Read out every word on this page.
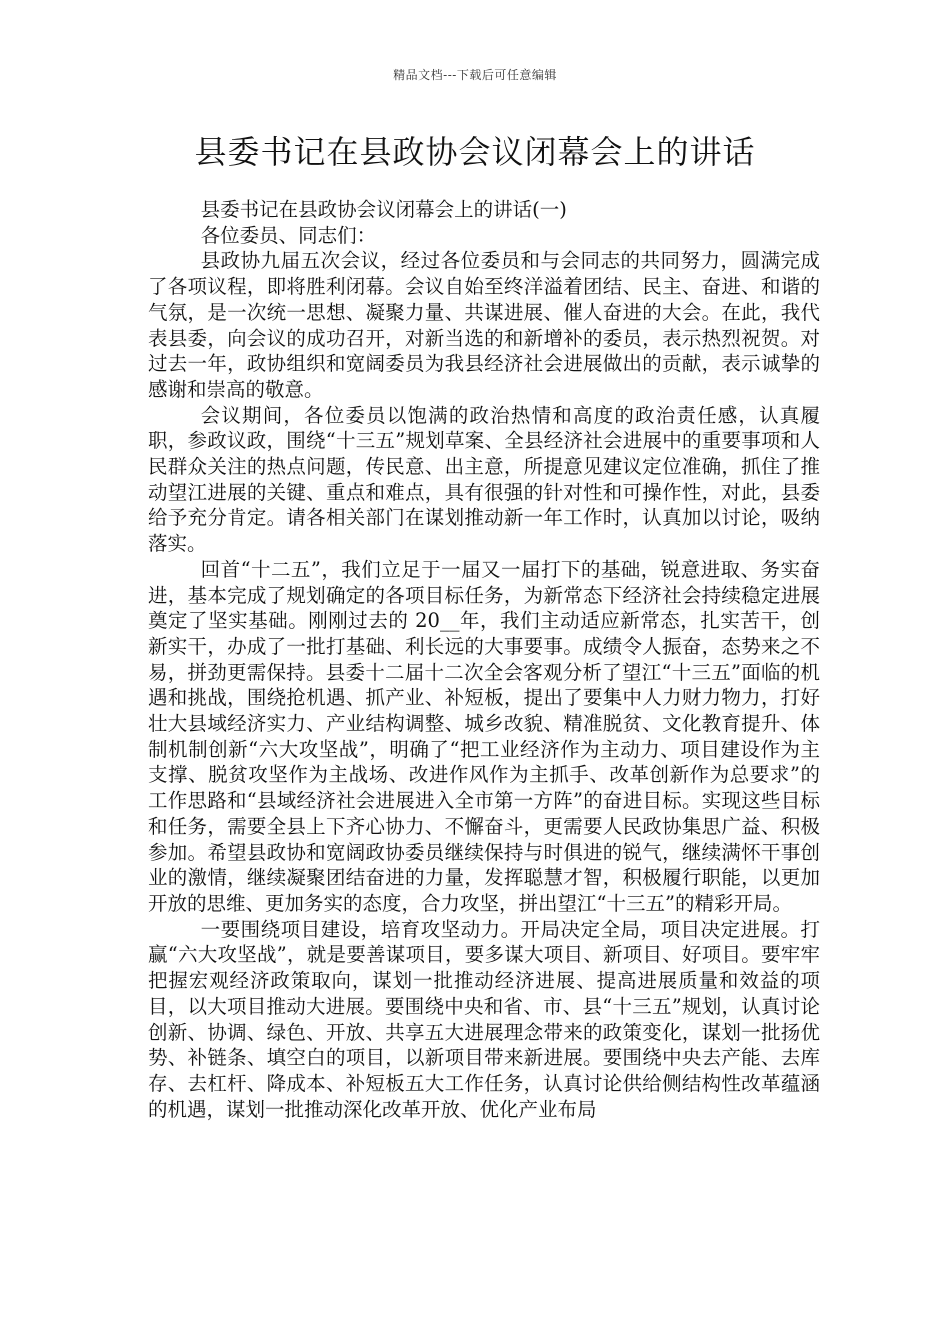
精品文档---下载后可任意编辑
县委书记在县政协会议闭幕会上的讲话

县委书记在县政协会议闭幕会上的讲话(一)

各位委员、同志们：

县政协九届五次会议，经过各位委员和与会同志的共同努力，圆满完成了各项议程，即将胜利闭幕。会议自始至终洋溢着团结、民主、奋进、和谐的气氛，是一次统一思想、凝聚力量、共谋进展、催人奋进的大会。在此，我代表县委，向会议的成功召开，对新当选的和新增补的委员，表示热烈祝贺。对过去一年，政协组织和宽阔委员为我县经济社会进展做出的贡献，表示诚挚的感谢和崇高的敬意。

会议期间，各位委员以饱满的政治热情和高度的政治责任感，认真履职，参政议政，围绕“十三五”规划草案、全县经济社会进展中的重要事项和人民群众关注的热点问题，传民意、出主意，所提意见建议定位准确，抓住了推动望江进展的关键、重点和难点，具有很强的针对性和可操作性，对此，县委给予充分肯定。请各相关部门在谋划推动新一年工作时，认真加以讨论，吸纳落实。

回首“十二五”，我们立足于一届又一届打下的基础，锐意进取、务实奋进，基本完成了规划确定的各项目标任务，为新常态下经济社会持续稳定进展奠定了坚实基础。刚刚过去的 20__年，我们主动适应新常态，扎实苦干，创新实干，办成了一批打基础、利长远的大事要事。成绩令人振奋，态势来之不易，拼劲更需保持。县委十二届十二次全会客观分析了望江“十三五”面临的机遇和挑战，围绕抢机遇、抓产业、补短板，提出了要集中人力财力物力，打好壮大县域经济实力、产业结构调整、城乡改貌、精准脱贫、文化教育提升、体制机制创新“六大攻坚战”，明确了“把工业经济作为主动力、项目建设作为主支撑、脱贫攻坚作为主战场、改进作风作为主抓手、改革创新作为总要求”的工作思路和“县域经济社会进展进入全市第一方阵”的奋进目标。实现这些目标和任务，需要全县上下齐心协力、不懈奋斗，更需要人民政协集思广益、积极参加。希望县政协和宽阔政协委员继续保持与时俱进的锐气，继续满怀干事创业的激情，继续凝聚团结奋进的力量，发挥聪慧才智，积极履行职能，以更加开放的思维、更加务实的态度，合力攻坚，拼出望江“十三五”的精彩开局。

一要围绕项目建设，培育攻坚动力。开局决定全局，项目决定进展。打赢“六大攻坚战”，就是要善谋项目，要多谋大项目、新项目、好项目。要牢牢把握宏观经济政策取向，谋划一批推动经济进展、提高进展质量和效益的项目，以大项目推动大进展。要围绕中央和省、市、县“十三五”规划，认真讨论创新、协调、绿色、开放、共享五大进展理念带来的政策变化，谋划一批扬优势、补链条、填空白的项目，以新项目带来新进展。要围绕中央去产能、去库存、去杠杆、降成本、补短板五大工作任务，认真讨论供给侧结构性改革蕴涵的机遇，谋划一批推动深化改革开放、优化产业布局
